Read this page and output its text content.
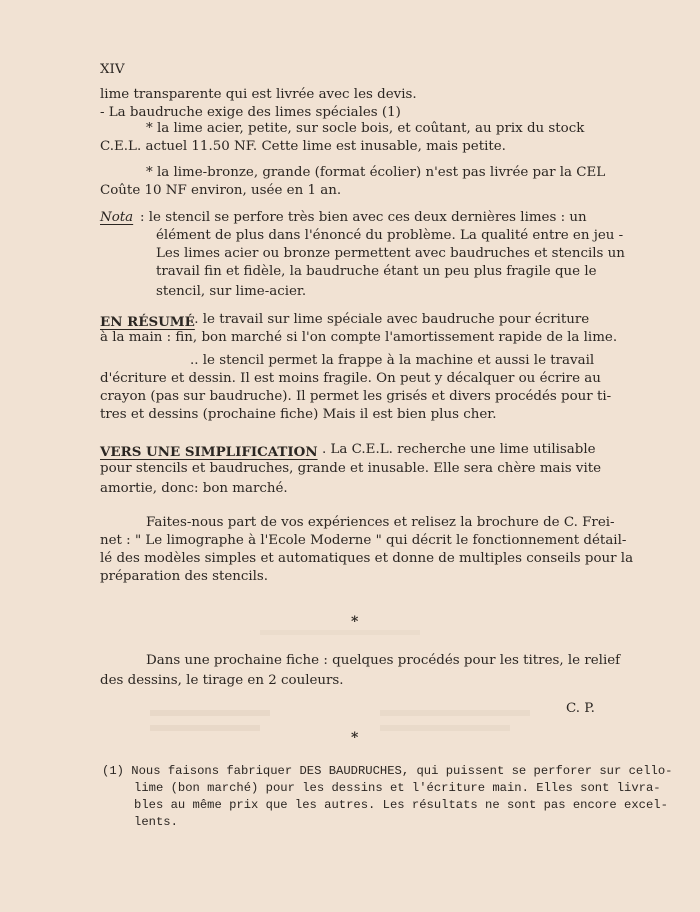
XIV
lime transparente qui est livrée avec les devis.
- La baudruche exige des limes spéciales (1)
* la lime acier, petite, sur socle bois, et coûtant, au prix du stock
C.E.L. actuel 11.50 NF. Cette lime est inusable, mais petite.
* la lime-bronze, grande (format écolier) n'est pas livrée par la CEL
Coûte 10 NF environ, usée en 1 an.
Nota : le stencil se perfore très bien avec ces deux dernières limes : un
élément de plus dans l'énoncé du problème. La qualité entre en jeu -
Les limes acier ou bronze permettent avec baudruches et stencils un
travail fin et fidèle, la baudruche étant un peu plus fragile que le
stencil, sur lime-acier.
EN RÉSUMÉ
.. le travail sur lime spéciale avec baudruche pour écriture
à la main : fin, bon marché si l'on compte l'amortissement rapide de la lime.
.. le stencil permet la frappe à la machine et aussi le travail
d'écriture et dessin. Il est moins fragile. On peut y décalquer ou écrire au
crayon (pas sur baudruche). Il permet les grisés et divers procédés pour ti-
tres et dessins (prochaine fiche) Mais il est bien plus cher.
VERS UNE SIMPLIFICATION . La C.E.L. recherche une lime utilisable
pour stencils et baudruches, grande et inusable. Elle sera chère mais vite
amortie, donc: bon marché.
Faites-nous part de vos expériences et relisez la brochure de C. Frei-
net : " Le limographe à l'Ecole Moderne " qui décrit le fonctionnement détail-
lé des modèles simples et automatiques et donne de multiples conseils pour la
préparation des stencils.
*
Dans une prochaine fiche : quelques procédés pour les titres, le relief
des dessins, le tirage en 2 couleurs.
C. P.
*
(1) Nous faisons fabriquer DES BAUDRUCHES, qui puissent se perforer sur cello-
lime (bon marché) pour les dessins et l'écriture main. Elles sont livra-
bles au même prix que les autres. Les résultats ne sont pas encore excel-
lents.
